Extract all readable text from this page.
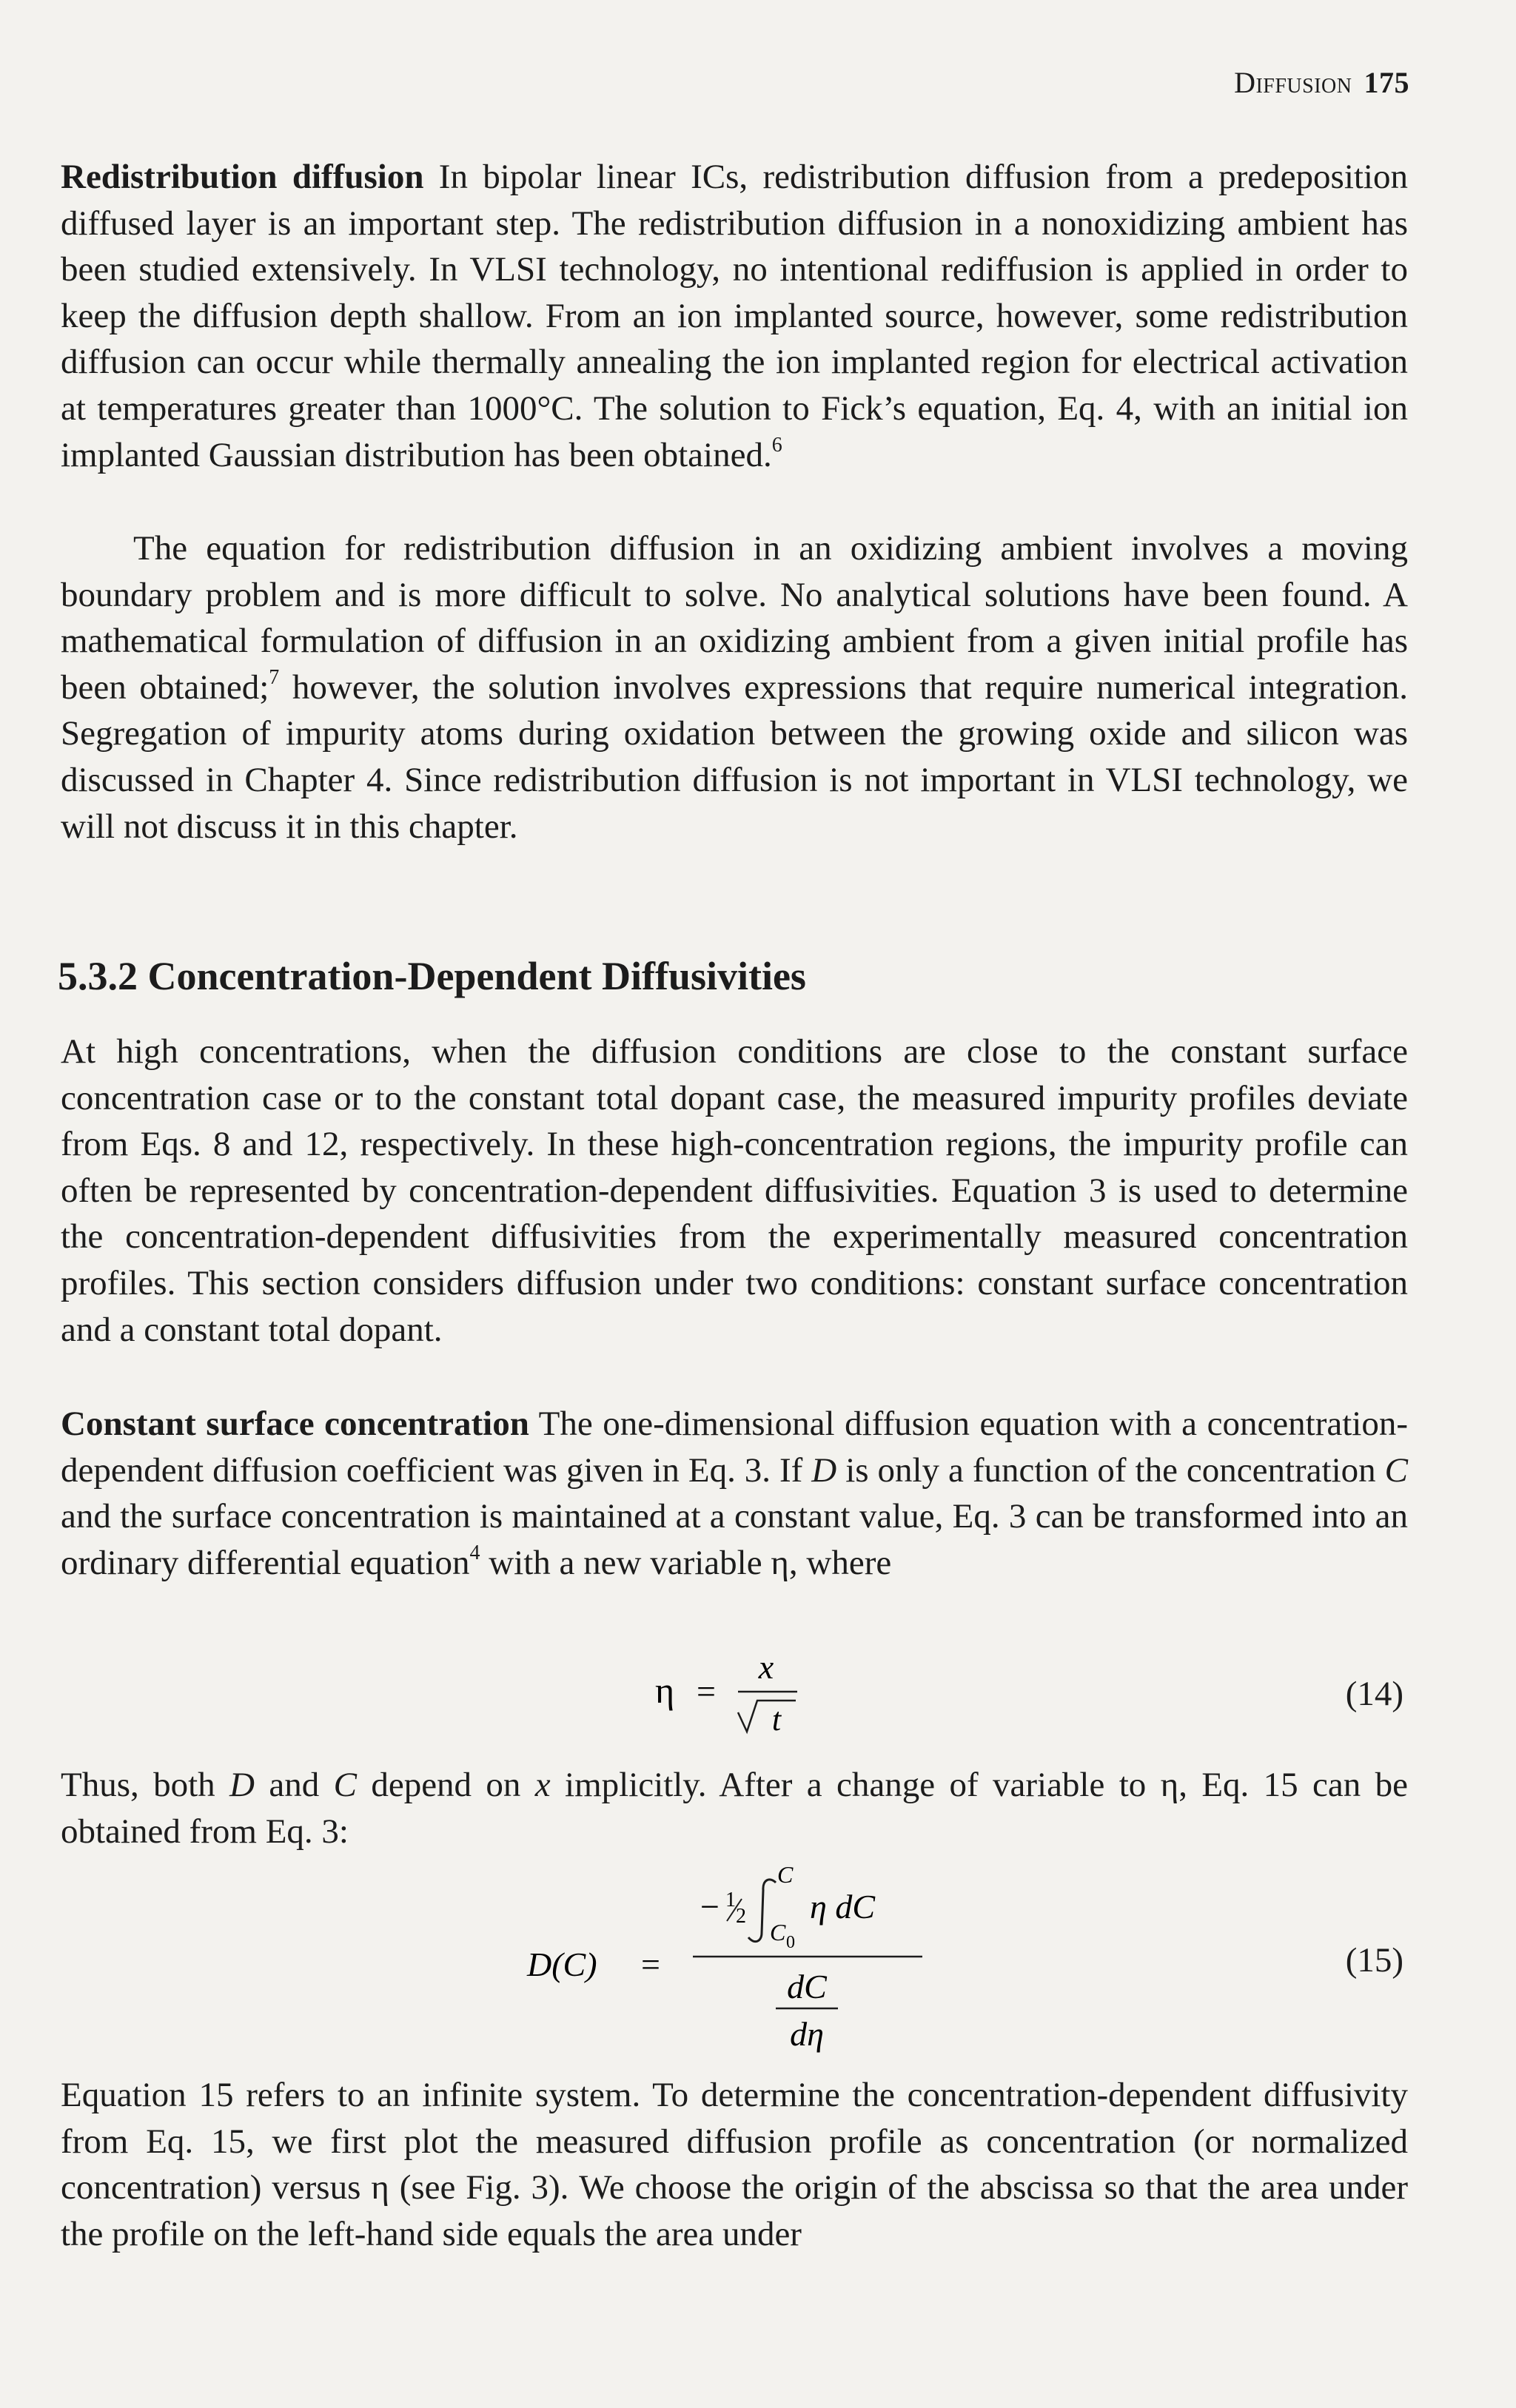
Diffusion 175

Redistribution diffusion In bipolar linear ICs, redistribution diffusion from a predeposition diffused layer is an important step. The redistribution diffusion in a nonoxidizing ambient has been studied extensively. In VLSI technology, no intentional rediffusion is applied in order to keep the diffusion depth shallow. From an ion implanted source, however, some redistribution diffusion can occur while thermally annealing the ion implanted region for electrical activation at temperatures greater than 1000°C. The solution to Fick’s equation, Eq. 4, with an initial ion implanted Gaussian distribution has been obtained.$^6$

The equation for redistribution diffusion in an oxidizing ambient involves a moving boundary problem and is more difficult to solve. No analytical solutions have been found. A mathematical formulation of diffusion in an oxidizing ambient from a given initial profile has been obtained;$^7$ however, the solution involves expressions that require numerical integration. Segregation of impurity atoms during oxidation between the growing oxide and silicon was discussed in Chapter 4. Since redistribution diffusion is not important in VLSI technology, we will not discuss it in this chapter.

5.3.2 Concentration-Dependent Diffusivities

At high concentrations, when the diffusion conditions are close to the constant surface concentration case or to the constant total dopant case, the measured impurity profiles deviate from Eqs. 8 and 12, respectively. In these high-concentration regions, the impurity profile can often be represented by concentration-dependent diffusivities. Equation 3 is used to determine the concentration-dependent diffusivities from the experimentally measured concentration profiles. This section considers diffusion under two conditions: constant surface concentration and a constant total dopant.

Constant surface concentration The one-dimensional diffusion equation with a concentration-dependent diffusion coefficient was given in Eq. 3. If D is only a function of the concentration C and the surface concentration is maintained at a constant value, Eq. 3 can be transformed into an ordinary differential equation$^4$ with a new variable η, where

η =
x
t
(14)

Thus, both D and C depend on x implicitly. After a change of variable to η, Eq. 15 can be obtained from Eq. 3:

D(C) =
− 1
2
C
C 0
η dC
dC
dη
(15)

Equation 15 refers to an infinite system. To determine the concentration-dependent diffusivity from Eq. 15, we first plot the measured diffusion profile as concentration (or normalized concentration) versus η (see Fig. 3). We choose the origin of the abscissa so that the area under the profile on the left-hand side equals the area under
